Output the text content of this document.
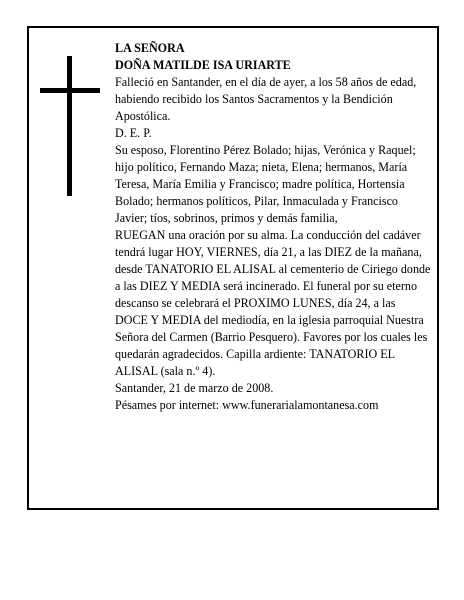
LA SEÑORA

DOÑA MATILDE ISA URIARTE

Falleció en Santander, en el día de ayer, a los 58 años de edad,

habiendo recibido los Santos Sacramentos y la Bendición Apostólica.

D. E. P.

Su esposo, Florentino Pérez Bolado; hijas, Verónica y Raquel; hijo político, Fernando Maza; nieta, Elena; hermanos, María Teresa, María Emilia y Francisco; madre política, Hortensia Bolado; hermanos políticos, Pilar, Inmaculada y Francisco Javier; tíos, sobrinos, primos y demás familia,

RUEGAN una oración por su alma. La conducción del cadáver tendrá lugar HOY, VIERNES, día 21, a las DIEZ de la mañana, desde TANATORIO EL ALISAL al cementerio de Ciriego donde a las DIEZ Y MEDIA será incinerado. El funeral por su eterno descanso se celebrará el PROXIMO LUNES, día 24, a las DOCE Y MEDIA del mediodía, en la iglesia parroquial Nuestra Señora del Carmen (Barrio Pesquero). Favores por los cuales les quedarán agradecidos. Capilla ardiente: TANATORIO EL ALISAL (sala n.º 4).

Santander, 21 de marzo de 2008.

Pésames por internet: www.funerarialamontanesa.com
